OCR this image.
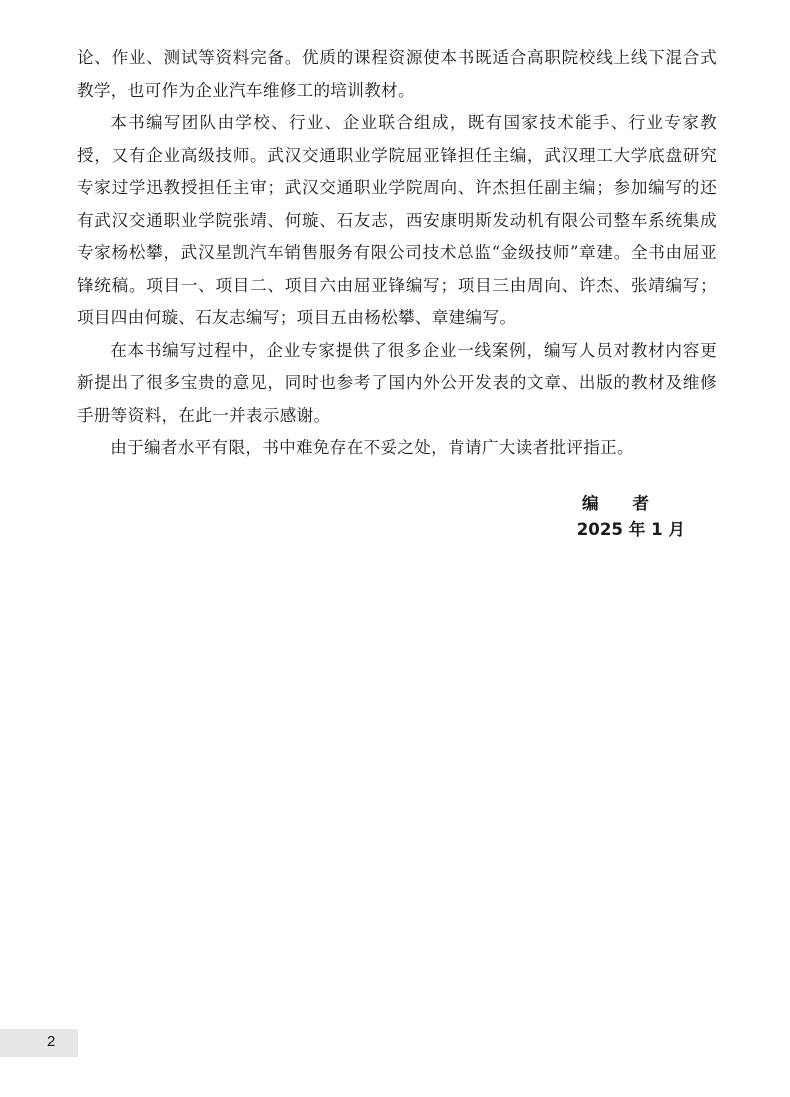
论、作业、测试等资料完备。优质的课程资源使本书既适合高职院校线上线下混合式教学，也可作为企业汽车维修工的培训教材。

本书编写团队由学校、行业、企业联合组成，既有国家技术能手、行业专家教授，又有企业高级技师。武汉交通职业学院屈亚锋担任主编，武汉理工大学底盘研究专家过学迅教授担任主审；武汉交通职业学院周向、许杰担任副主编；参加编写的还有武汉交通职业学院张靖、何璇、石友志，西安康明斯发动机有限公司整车系统集成专家杨松攀，武汉星凯汽车销售服务有限公司技术总监“金级技师”章建。全书由屈亚锋统稿。项目一、项目二、项目六由屈亚锋编写；项目三由周向、许杰、张靖编写；项目四由何璇、石友志编写；项目五由杨松攀、章建编写。

在本书编写过程中，企业专家提供了很多企业一线案例，编写人员对教材内容更新提出了很多宝贵的意见，同时也参考了国内外公开发表的文章、出版的教材及维修手册等资料，在此一并表示感谢。

由于编者水平有限，书中难免存在不妥之处，肯请广大读者批评指正。

编 者
2025 年 1 月
2
